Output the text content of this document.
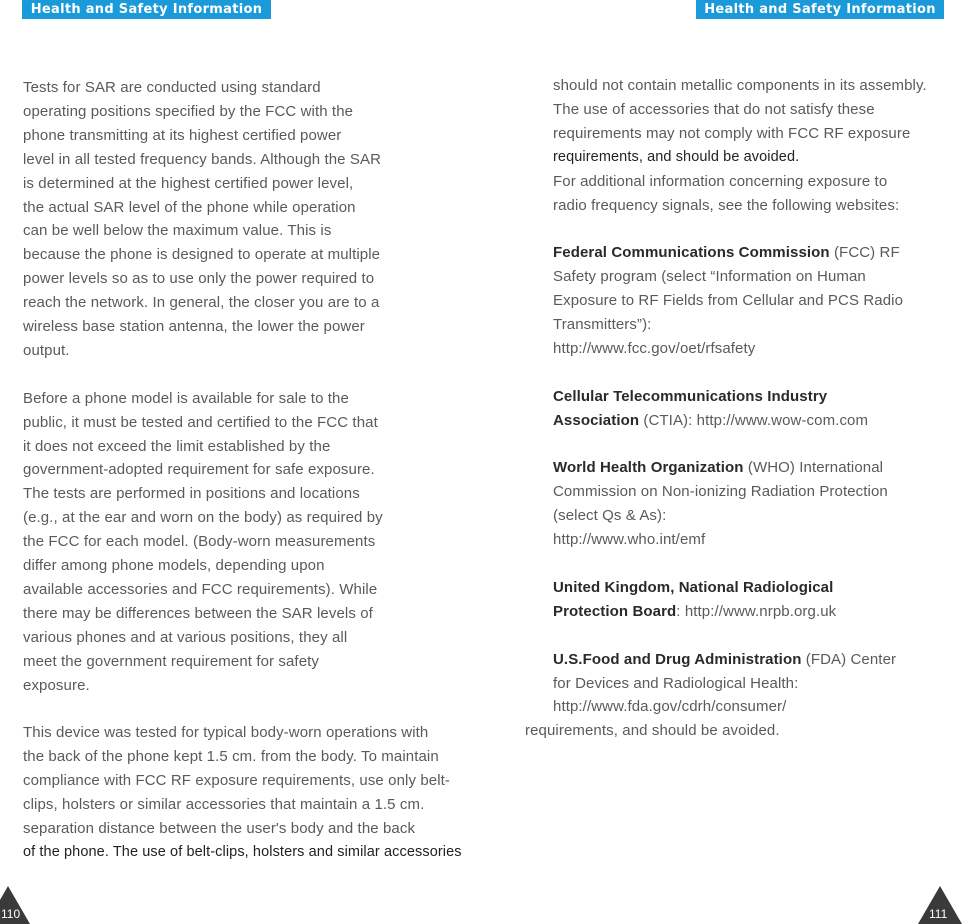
Health and Safety Information	Health and Safety Information

Tests for SAR are conducted using standard

operating positions specified by the FCC with the

phone transmitting at its highest certified power

level in all tested frequency bands. Although the SAR

is determined at the highest certified power level,

the actual SAR level of the phone while operation

can be well below the maximum value. This is

because the phone is designed to operate at multiple

power levels so as to use only the power required to

reach the network. In general, the closer you are to a

wireless base station antenna, the lower the power

output.

Before a phone model is available for sale to the

public, it must be tested and certified to the FCC that

it does not exceed the limit established by the

government-adopted requirement for safe exposure.

The tests are performed in positions and locations

(e.g., at the ear and worn on the body) as required by

the FCC for each model. (Body-worn measurements

differ among phone models, depending upon

available accessories and FCC requirements). While

there may be differences between the SAR levels of

various phones and at various positions, they all

meet the government requirement for safety

exposure.

This device was tested for typical body-worn operations with

the back of the phone kept 1.5 cm. from the body. To maintain

compliance with FCC RF exposure requirements, use only belt-

clips, holsters or similar accessories that maintain a 1.5 cm.

separation distance between the user's body and the back

of the phone. The use of belt-clips, holsters and similar accessories

should not contain metallic components in its assembly.

The use of accessories that do not satisfy these

requirements may not comply with FCC RF exposure

requirements, and should be avoided.

For additional information concerning exposure to

radio frequency signals, see the following websites:

Federal Communications Commission (FCC) RF

Safety program (select “Information on Human

Exposure to RF Fields from Cellular and PCS Radio

Transmitters”):

http://www.fcc.gov/oet/rfsafety

Cellular Telecommunications Industry

Association (CTIA): http://www.wow-com.com

World Health Organization (WHO) International

Commission on Non-ionizing Radiation Protection

(select Qs & As):

http://www.who.int/emf

United Kingdom, National Radiological

Protection Board: http://www.nrpb.org.uk

U.S.Food and Drug Administration (FDA) Center

for Devices and Radiological Health:

http://www.fda.gov/cdrh/consumer/

requirements, and should be avoided.

110	111
